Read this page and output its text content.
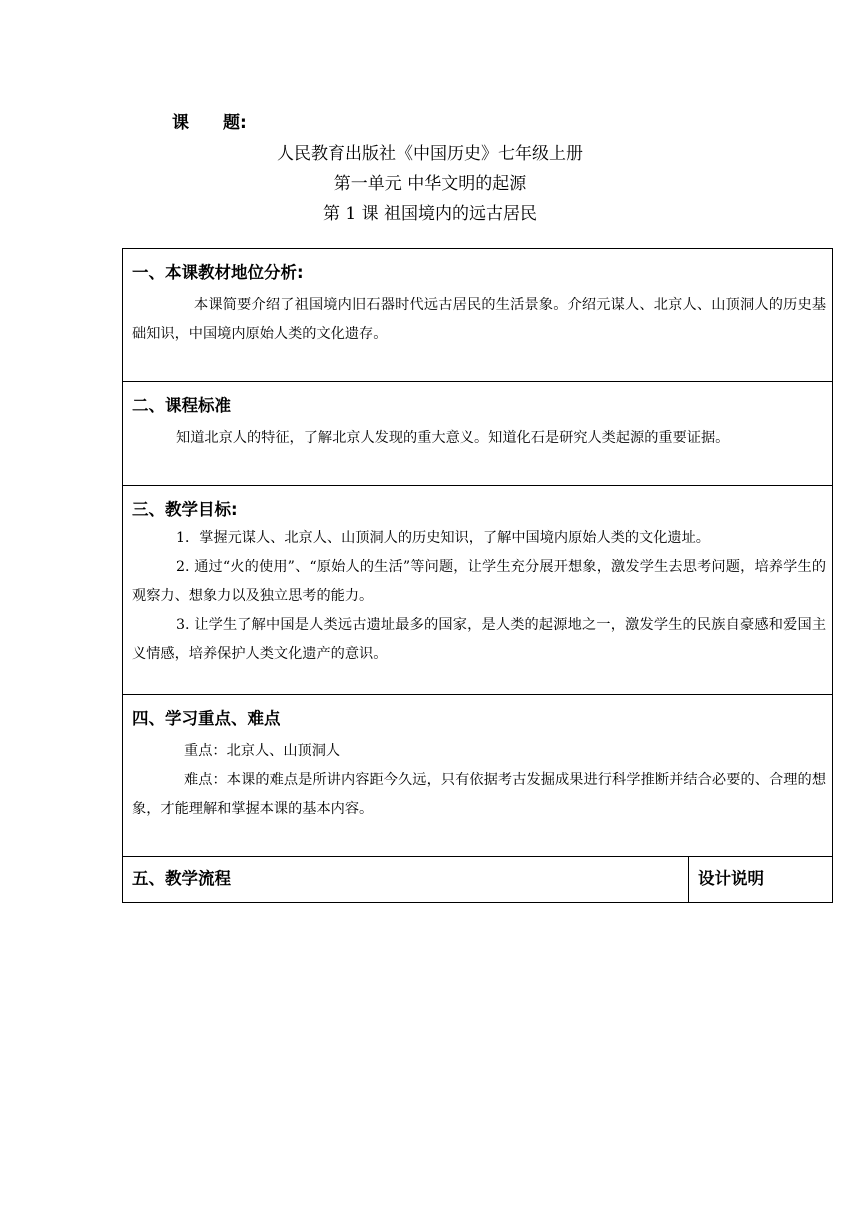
课 题:
人民教育出版社《中国历史》七年级上册
第一单元 中华文明的起源
第 1 课 祖国境内的远古居民
一、本课教材地位分析:

本课简要介绍了祖国境内旧石器时代远古居民的生活景象。介绍元谋人、北京人、山顶洞人的历史基础知识，中国境内原始人类的文化遗存。

二、课程标准

知道北京人的特征，了解北京人发现的重大意义。知道化石是研究人类起源的重要证据。

三、教学目标:

1．掌握元谋人、北京人、山顶洞人的历史知识，了解中国境内原始人类的文化遗址。

2. 通过“火的使用”、“原始人的生活”等问题，让学生充分展开想象，激发学生去思考问题，培养学生的观察力、想象力以及独立思考的能力。

3. 让学生了解中国是人类远古遗址最多的国家，是人类的起源地之一，激发学生的民族自豪感和爱国主义情感，培养保护人类文化遗产的意识。

四、学习重点、难点

重点：北京人、山顶洞人

难点：本课的难点是所讲内容距今久远，只有依据考古发掘成果进行科学推断并结合必要的、合理的想象，才能理解和掌握本课的基本内容。

五、教学流程	设计说明
